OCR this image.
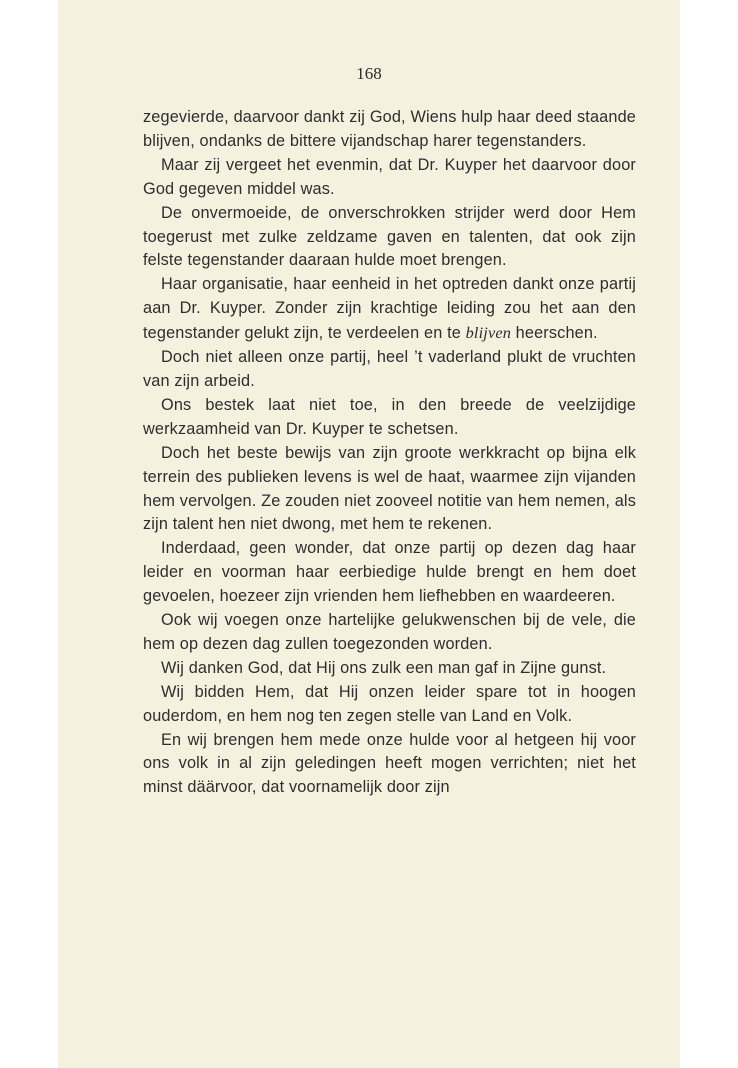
168

zegevierde, daarvoor dankt zij God, Wiens hulp haar deed staande blijven, ondanks de bittere vijandschap harer tegenstanders.

Maar zij vergeet het evenmin, dat Dr. Kuyper het daarvoor door God gegeven middel was.

De onvermoeide, de onverschrokken strijder werd door Hem toegerust met zulke zeldzame gaven en talenten, dat ook zijn felste tegenstander daaraan hulde moet brengen.

Haar organisatie, haar eenheid in het optreden dankt onze partij aan Dr. Kuyper. Zonder zijn krachtige leiding zou het aan den tegenstander gelukt zijn, te verdeelen en te blijven heerschen.

Doch niet alleen onze partij, heel ’t vaderland plukt de vruchten van zijn arbeid.

Ons bestek laat niet toe, in den breede de veelzijdige werkzaamheid van Dr. Kuyper te schetsen.

Doch het beste bewijs van zijn groote werkkracht op bijna elk terrein des publieken levens is wel de haat, waarmee zijn vijanden hem vervolgen. Ze zouden niet zooveel notitie van hem nemen, als zijn talent hen niet dwong, met hem te rekenen.

Inderdaad, geen wonder, dat onze partij op dezen dag haar leider en voorman haar eerbiedige hulde brengt en hem doet gevoelen, hoezeer zijn vrienden hem liefhebben en waardeeren.

Ook wij voegen onze hartelijke gelukwenschen bij de vele, die hem op dezen dag zullen toegezonden worden.

Wij danken God, dat Hij ons zulk een man gaf in Zijne gunst.

Wij bidden Hem, dat Hij onzen leider spare tot in hoogen ouderdom, en hem nog ten zegen stelle van Land en Volk.

En wij brengen hem mede onze hulde voor al hetgeen hij voor ons volk in al zijn geledingen heeft mogen verrichten; niet het minst däärvoor, dat voornamelijk door zijn
